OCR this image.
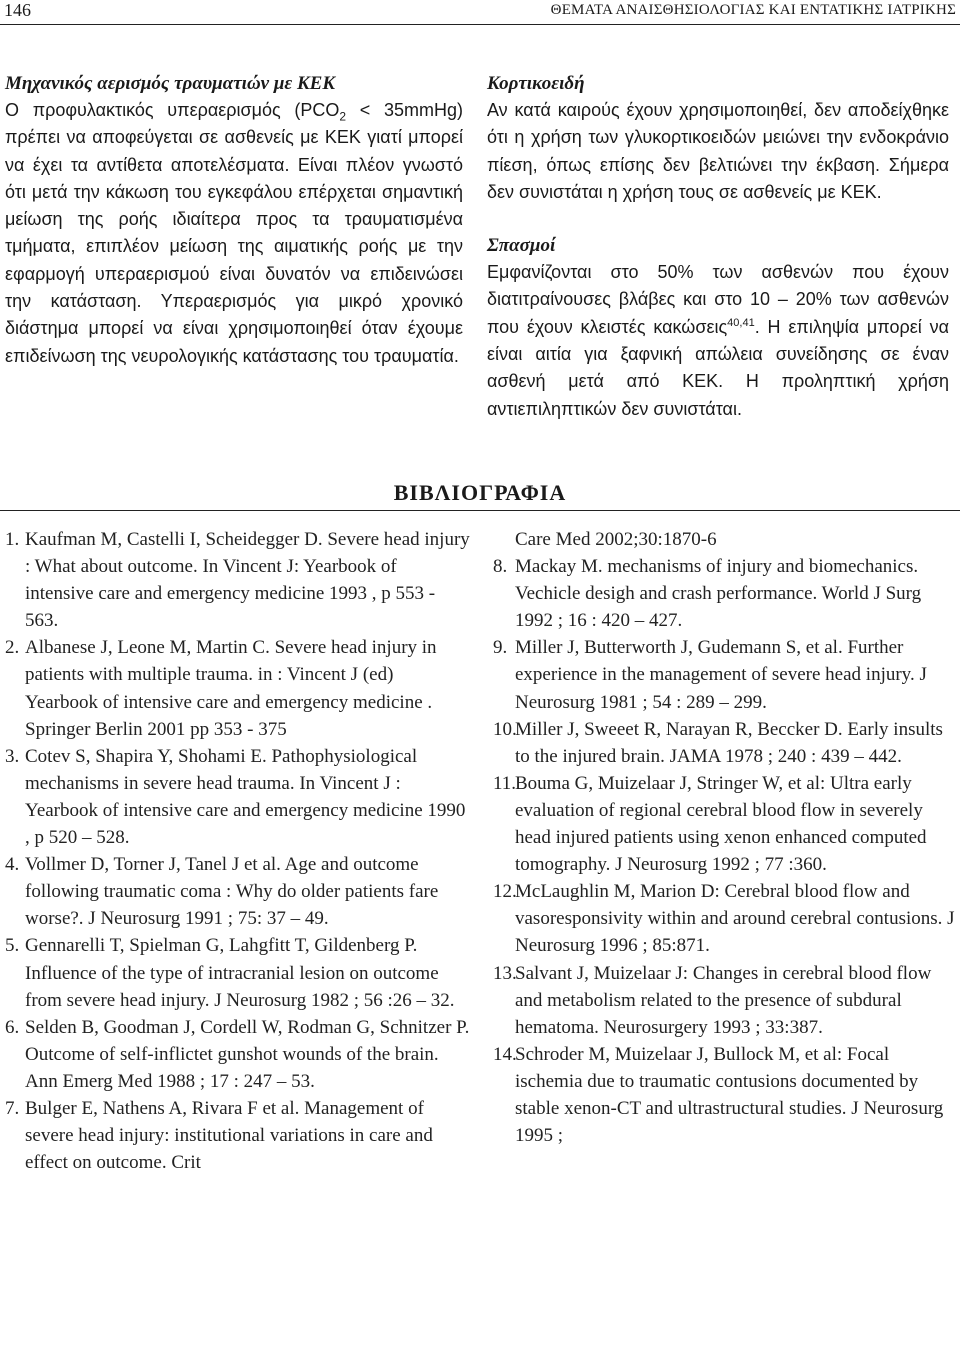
146	ΘΕΜΑΤΑ ΑΝΑΙΣΘΗΣΙΟΛΟΓΙΑΣ ΚΑΙ ΕΝΤΑΤΙΚΗΣ ΙΑΤΡΙΚΗΣ
Μηχανικός αερισμός τραυματιών με ΚΕΚ

Ο προφυλακτικός υπεραερισμός ($PCO_2$ < 35mmHg) πρέπει να αποφεύγεται σε ασθενείς με ΚΕΚ γιατί μπορεί να έχει τα αντίθετα αποτελέσματα. Είναι πλέον γνωστό ότι μετά την κάκωση του εγκεφάλου επέρχεται σημαντική μείωση της ροής ιδιαίτερα προς τα τραυματισμένα τμήματα, επιπλέον μείωση της αιματικής ροής με την εφαρμογή υπεραερισμού είναι δυνατόν να επιδεινώσει την κατάσταση. Υπεραερισμός για μικρό χρονικό διάστημα μπορεί να είναι χρησιμοποιηθεί όταν έχουμε επιδείνωση της νευρολογικής κατάστασης του τραυματία.

Κορτικοειδή

Αν κατά καιρούς έχουν χρησιμοποιηθεί, δεν αποδείχθηκε ότι η χρήση των γλυκορτικοειδών μειώνει την ενδοκράνιο πίεση, όπως επίσης δεν βελτιώνει την έκβαση. Σήμερα δεν συνιστάται η χρήση τους σε ασθενείς με ΚΕΚ.

Σπασμοί

Εμφανίζονται στο 50% των ασθενών που έχουν διατιτραίνουσες βλάβες και στο 10 – 20% των ασθενών που έχουν κλειστές κακώσεις$^{40,41}$. Η επιληψία μπορεί να είναι αιτία για ξαφνική απώλεια συνείδησης σε έναν ασθενή μετά από ΚΕΚ. Η προληπτική χρήση αντιεπιληπτικών δεν συνιστάται.

ΒΙΒΛΙΟΓΡΑΦΙΑ
1. Kaufman M, Castelli I, Scheidegger D. Severe head injury : What about outcome. In Vincent J: Yearbook of intensive care and emergency medicine 1993 , p 553 - 563.
2. Albanese J, Leone M, Martin C. Severe head injury in patients with multiple trauma. in : Vincent J (ed) Yearbook of intensive care and emergency medicine . Springer Berlin 2001 pp 353 - 375
3. Cotev S, Shapira Y, Shohami E. Pathophysiological mechanisms in severe head trauma. In Vincent J : Yearbook of intensive care and emergency medicine 1990 , p 520 – 528.
4. Vollmer D, Torner J, Tanel J et al. Age and outcome following traumatic coma : Why do older patients fare worse?. J Neurosurg 1991 ; 75: 37 – 49.
5. Gennarelli T, Spielman G, Lahgfitt T, Gildenberg P. Influence of the type of intracranial lesion on outcome from severe head injury. J Neurosurg 1982 ; 56 :26 – 32.
6. Selden B, Goodman J, Cordell W, Rodman G, Schnitzer P. Outcome of self-inflictet gunshot wounds of the brain. Ann Emerg Med 1988 ; 17 : 247 – 53.
7. Bulger E, Nathens A, Rivara F et al. Management of severe head injury: institutional variations in care and effect on outcome. Crit
Care Med 2002;30:1870-6
8. Mackay M. mechanisms of injury and biomechanics. Vechicle desigh and crash performance. World J Surg 1992 ; 16 : 420 – 427.
9. Miller J, Butterworth J, Gudemann S, et al. Further experience in the management of severe head injury. J Neurosurg 1981 ; 54 : 289 – 299.
10.
Miller J, Sweeet R, Narayan R, Beccker D. Early insults to the injured brain. JAMA 1978 ; 240 : 439 – 442.
11.
Bouma G, Muizelaar J, Stringer W, et al: Ultra early evaluation of regional cerebral blood flow in severely head injured patients using xenon enhanced computed tomography. J Neurosurg 1992 ; 77 :360.
12.
McLaughlin M, Marion D: Cerebral blood flow and vasoresponsivity within and around cerebral contusions. J Neurosurg 1996 ; 85:871.
13.
Salvant J, Muizelaar J: Changes in cerebral blood flow and metabolism related to the presence of subdural hematoma. Neurosurgery 1993 ; 33:387.
14.
Schroder M, Muizelaar J, Bullock M, et al: Focal ischemia due to traumatic contusions documented by stable xenon-CT and ultrastructural studies. J Neurosurg 1995 ;
